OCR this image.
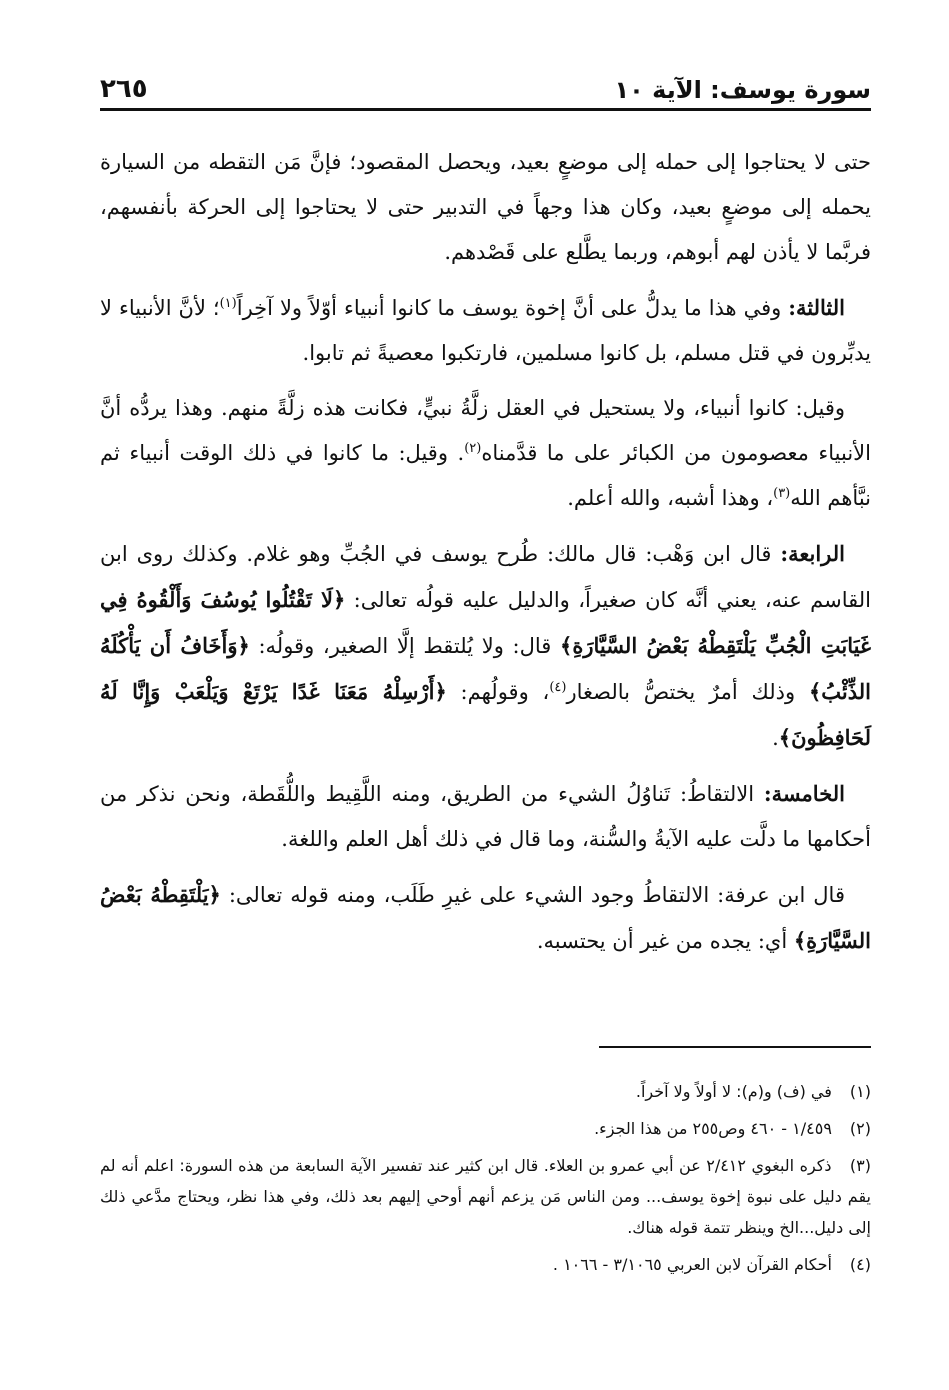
سورة يوسف: الآية ١٠
٢٦٥

حتى لا يحتاجوا إلى حمله إلى موضعٍ بعيد، ويحصل المقصود؛ فإنَّ مَن التقطه من السيارة يحمله إلى موضعٍ بعيد، وكان هذا وجهاً في التدبير حتى لا يحتاجوا إلى الحركة بأنفسهم، فربَّما لا يأذن لهم أبوهم، وربما يطَّلع على قَصْدهم.

الثالثة: وفي هذا ما يدلُّ على أنَّ إخوة يوسف ما كانوا أنبياء أوّلاً ولا آخِراً$^{(١)}$؛ لأنَّ الأنبياء لا يدبِّرون في قتل مسلم، بل كانوا مسلمين، فارتكبوا معصيةً ثم تابوا.

وقيل: كانوا أنبياء، ولا يستحيل في العقل زلَّةُ نبيٍّ، فكانت هذه زلَّةً منهم. وهذا يردُّه أنَّ الأنبياء معصومون من الكبائر على ما قدَّمناه$^{(٢)}$. وقيل: ما كانوا في ذلك الوقت أنبياء ثم نبَّأهم الله$^{(٣)}$، وهذا أشبه، والله أعلم.

الرابعة: قال ابن وَهْب: قال مالك: طُرح يوسف في الجُبِّ وهو غلام. وكذلك روى ابن القاسم عنه، يعني أنَّه كان صغيراً، والدليل عليه قولُه تعالى: ﴿لَا تَقْتُلُوا يُوسُفَ وَأَلْقُوهُ فِي غَيَابَتِ الْجُبِّ يَلْتَقِطْهُ بَعْضُ السَّيَّارَةِ﴾ قال: ولا يُلتقط إلَّا الصغير، وقولُه: ﴿وَأَخَافُ أَن يَأْكُلَهُ الذِّئْبُ﴾ وذلك أمرٌ يختصُّ بالصغار$^{(٤)}$، وقولُهم: ﴿أَرْسِلْهُ مَعَنَا غَدًا يَرْتَعْ وَيَلْعَبْ وَإِنَّا لَهُ لَحَافِظُونَ﴾.

الخامسة: الالتقاطُ: تَناوُلُ الشيء من الطريق، ومنه اللَّقِيط واللُّقَطة، ونحن نذكر من أحكامها ما دلَّت عليه الآيةُ والسُّنة، وما قال في ذلك أهل العلم واللغة.

قال ابن عرفة: الالتقاطُ وجود الشيء على غيرِ طَلَب، ومنه قوله تعالى: ﴿يَلْتَقِطْهُ بَعْضُ السَّيَّارَةِ﴾ أي: يجده من غير أن يحتسبه.

(١) في (ف) و(م): لا أولاً ولا آخراً.
(٢) ١/٤٥٩ - ٤٦٠ وص٢٥٥ من هذا الجزء.
(٣) ذكره البغوي ٢/٤١٢ عن أبي عمرو بن العلاء. قال ابن كثير عند تفسير الآية السابعة من هذه السورة: اعلم أنه لم يقم دليل على نبوة إخوة يوسف... ومن الناس مَن يزعم أنهم أوحي إليهم بعد ذلك، وفي هذا نظر، ويحتاج مدَّعي ذلك إلى دليل...الخ وينظر تتمة قوله هناك.
(٤) أحكام القرآن لابن العربي ٣/١٠٦٥ - ١٠٦٦ .
